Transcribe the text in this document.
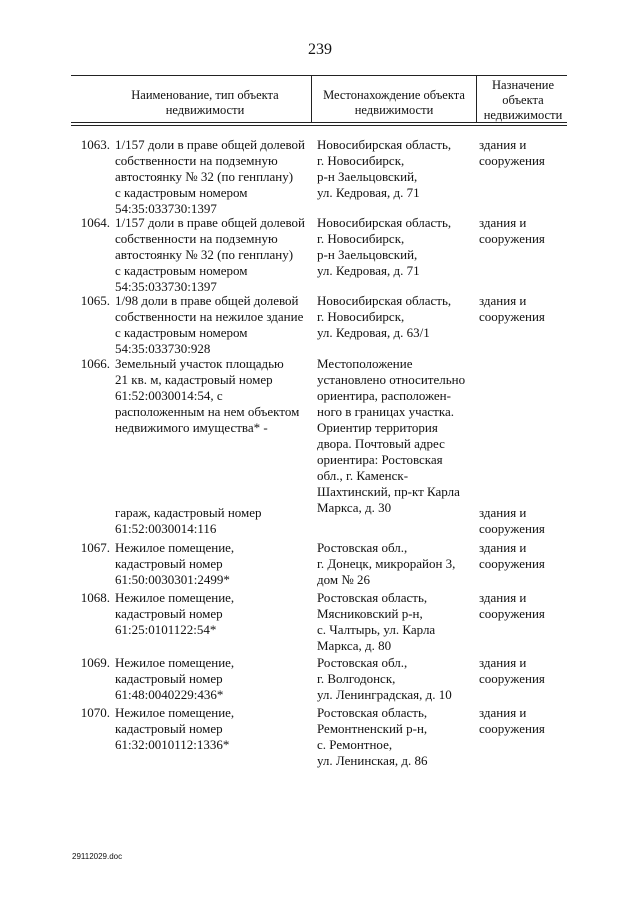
239
Наименование, тип объекта
недвижимости
Местонахождение объекта
недвижимости
Назначение
объекта
недвижимости
1063. 1/157 доли в праве общей долевой
собственности на подземную
автостоянку № 32 (по генплану)
с кадастровым номером
54:35:033730:1397
Новосибирская область,
г. Новосибирск,
р-н Заельцовский,
ул. Кедровая, д. 71
здания и
сооружения
1064. 1/157 доли в праве общей долевой
собственности на подземную
автостоянку № 32 (по генплану)
с кадастровым номером
54:35:033730:1397
Новосибирская область,
г. Новосибирск,
р-н Заельцовский,
ул. Кедровая, д. 71
здания и
сооружения
1065. 1/98 доли в праве общей долевой
собственности на нежилое здание
с кадастровым номером
54:35:033730:928
Новосибирская область,
г. Новосибирск,
ул. Кедровая, д. 63/1
здания и
сооружения
1066. Земельный участок площадью
21 кв. м, кадастровый номер
61:52:0030014:54, с
расположенным на нем объектом
недвижимого имущества* -
Местоположение
установлено относительно
ориентира, расположен-
ного в границах участка.
Ориентир территория
двора. Почтовый адрес
ориентира: Ростовская
обл., г. Каменск-
Шахтинский, пр-кт Карла
Маркса, д. 30
гараж, кадастровый номер
61:52:0030014:116
здания и
сооружения
1067. Нежилое помещение,
кадастровый номер
61:50:0030301:2499*
Ростовская обл.,
г. Донецк, микрорайон 3,
дом № 26
здания и
сооружения
1068. Нежилое помещение,
кадастровый номер
61:25:0101122:54*
Ростовская область,
Мясниковский р-н,
с. Чалтырь, ул. Карла
Маркса, д. 80
здания и
сооружения
1069. Нежилое помещение,
кадастровый номер
61:48:0040229:436*
Ростовская обл.,
г. Волгодонск,
ул. Ленинградская, д. 10
здания и
сооружения
1070. Нежилое помещение,
кадастровый номер
61:32:0010112:1336*
Ростовская область,
Ремонтненский р-н,
с. Ремонтное,
ул. Ленинская, д. 86
здания и
сооружения
29112029.doc
